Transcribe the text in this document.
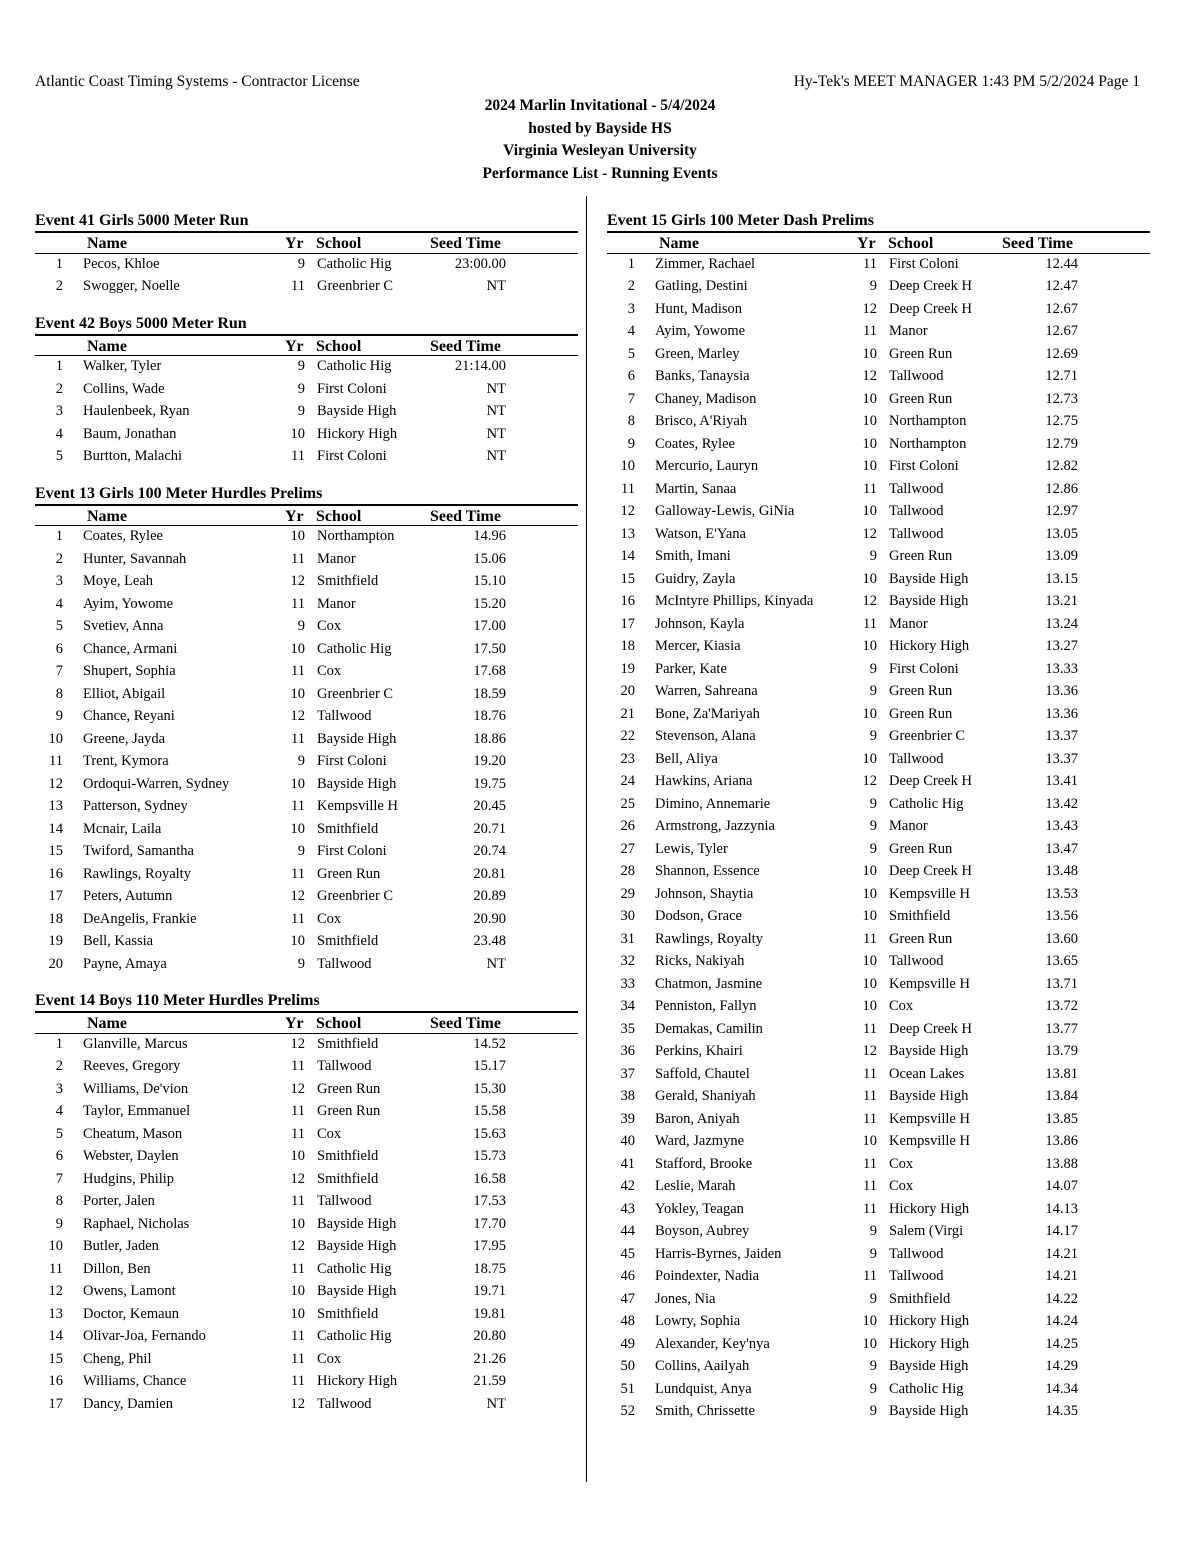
Atlantic Coast Timing Systems - Contractor License	Hy-Tek's MEET MANAGER 1:43 PM 5/2/2024 Page 1
2024 Marlin Invitational - 5/4/2024
hosted by Bayside HS
Virginia Wesleyan University
Performance List - Running Events
Event 41 Girls 5000 Meter Run
Name	Yr School	Seed Time
1 Pecos, Khloe	9 Catholic Hig	23:00.00
2 Swogger, Noelle	11 Greenbrier C	NT
Event 42 Boys 5000 Meter Run
Name	Yr School	Seed Time
1 Walker, Tyler	9 Catholic Hig	21:14.00
2 Collins, Wade	9 First Coloni	NT
3 Haulenbeek, Ryan	9 Bayside High	NT
4 Baum, Jonathan	10 Hickory High	NT
5 Burtton, Malachi	11 First Coloni	NT
Event 13 Girls 100 Meter Hurdles Prelims
Name	Yr School	Seed Time
1 Coates, Rylee	10 Northampton	14.96
2 Hunter, Savannah	11 Manor	15.06
3 Moye, Leah	12 Smithfield	15.10
4 Ayim, Yowome	11 Manor	15.20
5 Svetiev, Anna	9 Cox	17.00
6 Chance, Armani	10 Catholic Hig	17.50
7 Shupert, Sophia	11 Cox	17.68
8 Elliot, Abigail	10 Greenbrier C	18.59
9 Chance, Reyani	12 Tallwood	18.76
10 Greene, Jayda	11 Bayside High	18.86
11 Trent, Kymora	9 First Coloni	19.20
12 Ordoqui-Warren, Sydney	10 Bayside High	19.75
13 Patterson, Sydney	11 Kempsville H	20.45
14 Mcnair, Laila	10 Smithfield	20.71
15 Twiford, Samantha	9 First Coloni	20.74
16 Rawlings, Royalty	11 Green Run	20.81
17 Peters, Autumn	12 Greenbrier C	20.89
18 DeAngelis, Frankie	11 Cox	20.90
19 Bell, Kassia	10 Smithfield	23.48
20 Payne, Amaya	9 Tallwood	NT
Event 14 Boys 110 Meter Hurdles Prelims
Name	Yr School	Seed Time
1 Glanville, Marcus	12 Smithfield	14.52
2 Reeves, Gregory	11 Tallwood	15.17
3 Williams, De'vion	12 Green Run	15.30
4 Taylor, Emmanuel	11 Green Run	15.58
5 Cheatum, Mason	11 Cox	15.63
6 Webster, Daylen	10 Smithfield	15.73
7 Hudgins, Philip	12 Smithfield	16.58
8 Porter, Jalen	11 Tallwood	17.53
9 Raphael, Nicholas	10 Bayside High	17.70
10 Butler, Jaden	12 Bayside High	17.95
11 Dillon, Ben	11 Catholic Hig	18.75
12 Owens, Lamont	10 Bayside High	19.71
13 Doctor, Kemaun	10 Smithfield	19.81
14 Olivar-Joa, Fernando	11 Catholic Hig	20.80
15 Cheng, Phil	11 Cox	21.26
16 Williams, Chance	11 Hickory High	21.59
17 Dancy, Damien	12 Tallwood	NT
Event 15 Girls 100 Meter Dash Prelims
Name	Yr School	Seed Time
1 Zimmer, Rachael	11 First Coloni	12.44
2 Gatling, Destini	9 Deep Creek H	12.47
3 Hunt, Madison	12 Deep Creek H	12.67
4 Ayim, Yowome	11 Manor	12.67
5 Green, Marley	10 Green Run	12.69
6 Banks, Tanaysia	12 Tallwood	12.71
7 Chaney, Madison	10 Green Run	12.73
8 Brisco, A'Riyah	10 Northampton	12.75
9 Coates, Rylee	10 Northampton	12.79
10 Mercurio, Lauryn	10 First Coloni	12.82
11 Martin, Sanaa	11 Tallwood	12.86
12 Galloway-Lewis, GiNia	10 Tallwood	12.97
13 Watson, E'Yana	12 Tallwood	13.05
14 Smith, Imani	9 Green Run	13.09
15 Guidry, Zayla	10 Bayside High	13.15
16 McIntyre Phillips, Kinyada	12 Bayside High	13.21
17 Johnson, Kayla	11 Manor	13.24
18 Mercer, Kiasia	10 Hickory High	13.27
19 Parker, Kate	9 First Coloni	13.33
20 Warren, Sahreana	9 Green Run	13.36
21 Bone, Za'Mariyah	10 Green Run	13.36
22 Stevenson, Alana	9 Greenbrier C	13.37
23 Bell, Aliya	10 Tallwood	13.37
24 Hawkins, Ariana	12 Deep Creek H	13.41
25 Dimino, Annemarie	9 Catholic Hig	13.42
26 Armstrong, Jazzynia	9 Manor	13.43
27 Lewis, Tyler	9 Green Run	13.47
28 Shannon, Essence	10 Deep Creek H	13.48
29 Johnson, Shaytia	10 Kempsville H	13.53
30 Dodson, Grace	10 Smithfield	13.56
31 Rawlings, Royalty	11 Green Run	13.60
32 Ricks, Nakiyah	10 Tallwood	13.65
33 Chatmon, Jasmine	10 Kempsville H	13.71
34 Penniston, Fallyn	10 Cox	13.72
35 Demakas, Camilin	11 Deep Creek H	13.77
36 Perkins, Khairi	12 Bayside High	13.79
37 Saffold, Chautel	11 Ocean Lakes	13.81
38 Gerald, Shaniyah	11 Bayside High	13.84
39 Baron, Aniyah	11 Kempsville H	13.85
40 Ward, Jazmyne	10 Kempsville H	13.86
41 Stafford, Brooke	11 Cox	13.88
42 Leslie, Marah	11 Cox	14.07
43 Yokley, Teagan	11 Hickory High	14.13
44 Boyson, Aubrey	9 Salem (Virgi	14.17
45 Harris-Byrnes, Jaiden	9 Tallwood	14.21
46 Poindexter, Nadia	11 Tallwood	14.21
47 Jones, Nia	9 Smithfield	14.22
48 Lowry, Sophia	10 Hickory High	14.24
49 Alexander, Key'nya	10 Hickory High	14.25
50 Collins, Aailyah	9 Bayside High	14.29
51 Lundquist, Anya	9 Catholic Hig	14.34
52 Smith, Chrissette	9 Bayside High	14.35
